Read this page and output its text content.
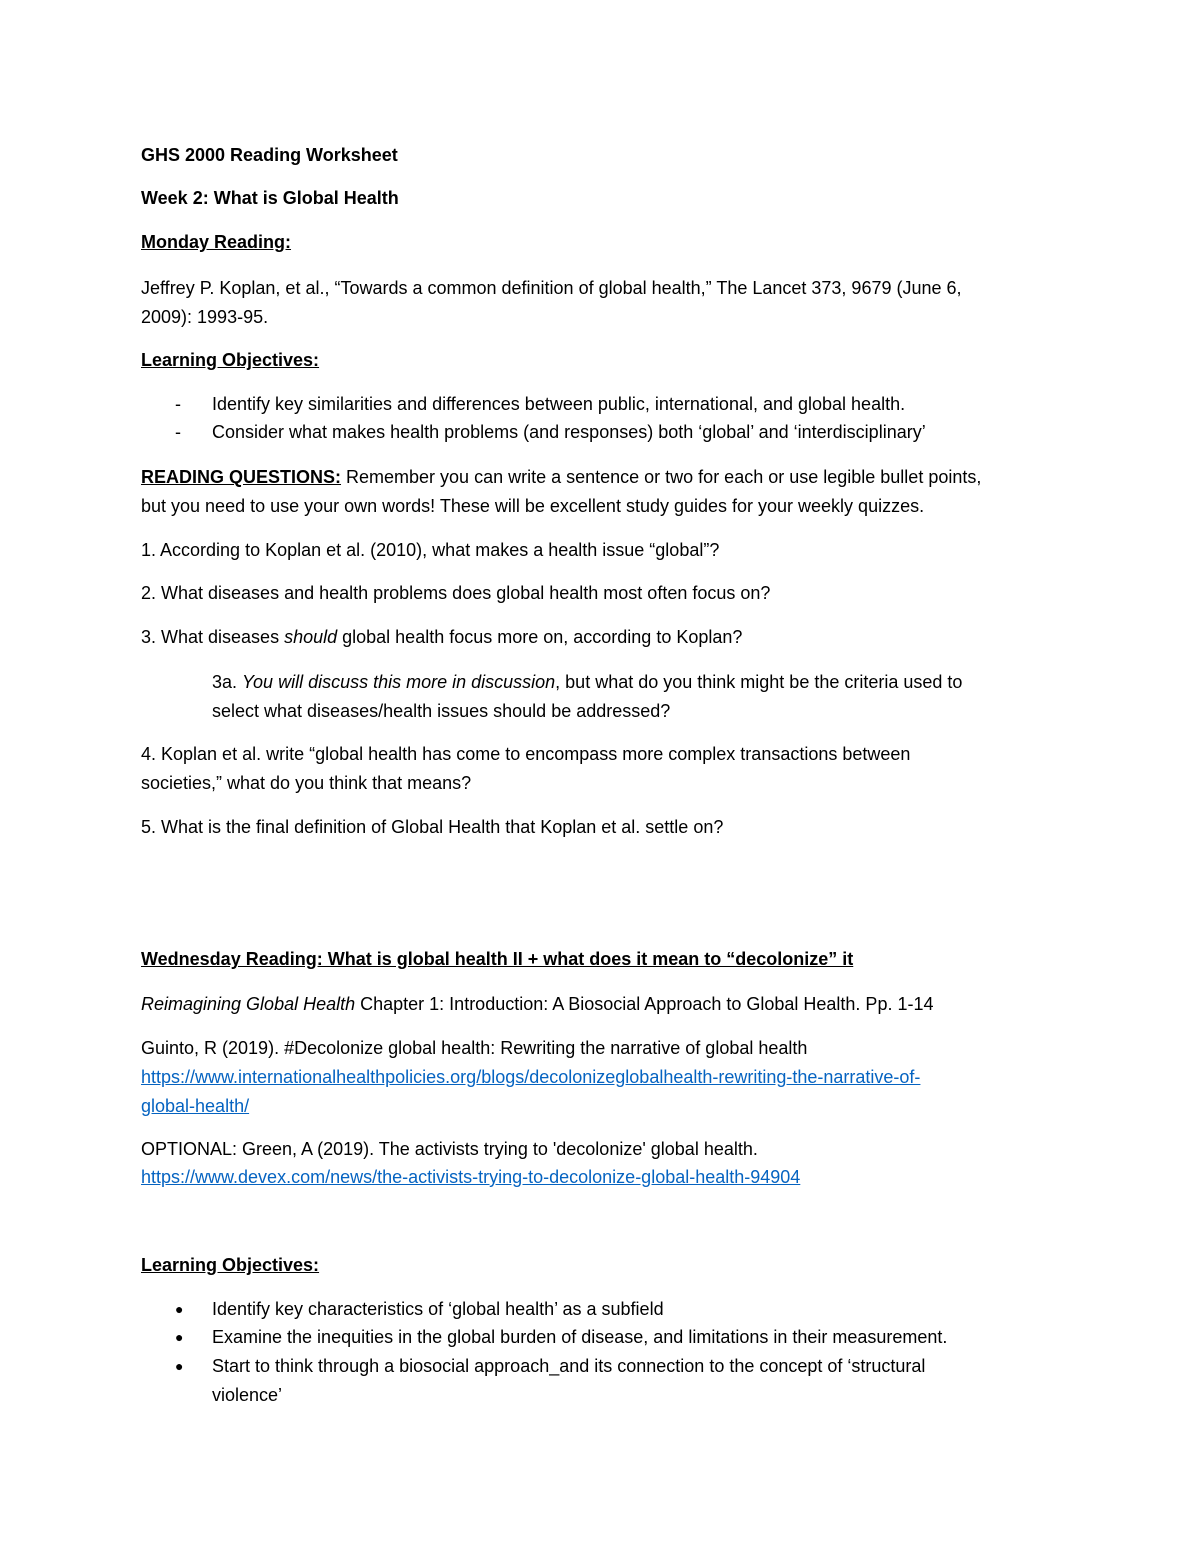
GHS 2000 Reading Worksheet
Week 2: What is Global Health
Monday Reading:
Jeffrey P. Koplan, et al., “Towards a common definition of global health,” The Lancet 373, 9679 (June 6,
2009): 1993-95.
Learning Objectives:
- Identify key similarities and differences between public, international, and global health.
- Consider what makes health problems (and responses) both ‘global’ and ‘interdisciplinary’
READING QUESTIONS: Remember you can write a sentence or two for each or use legible bullet points,
but you need to use your own words! These will be excellent study guides for your weekly quizzes.
1. According to Koplan et al. (2010), what makes a health issue “global”?
2. What diseases and health problems does global health most often focus on?
3. What diseases should global health focus more on, according to Koplan?
3a. You will discuss this more in discussion, but what do you think might be the criteria used to
select what diseases/health issues should be addressed?
4. Koplan et al. write “global health has come to encompass more complex transactions between
societies,” what do you think that means?
5. What is the final definition of Global Health that Koplan et al. settle on?
Wednesday Reading: What is global health II + what does it mean to “decolonize” it
Reimagining Global Health Chapter 1: Introduction: A Biosocial Approach to Global Health. Pp. 1-14
Guinto, R (2019). #Decolonize global health: Rewriting the narrative of global health
https://www.internationalhealthpolicies.org/blogs/decolonizeglobalhealth-rewriting-the-narrative-of-
global-health/
OPTIONAL: Green, A (2019). The activists trying to 'decolonize' global health.
https://www.devex.com/news/the-activists-trying-to-decolonize-global-health-94904
Learning Objectives:
● Identify key characteristics of ‘global health’ as a subfield
● Examine the inequities in the global burden of disease, and limitations in their measurement.
● Start to think through a biosocial approach_and its connection to the concept of ‘structural
violence’
